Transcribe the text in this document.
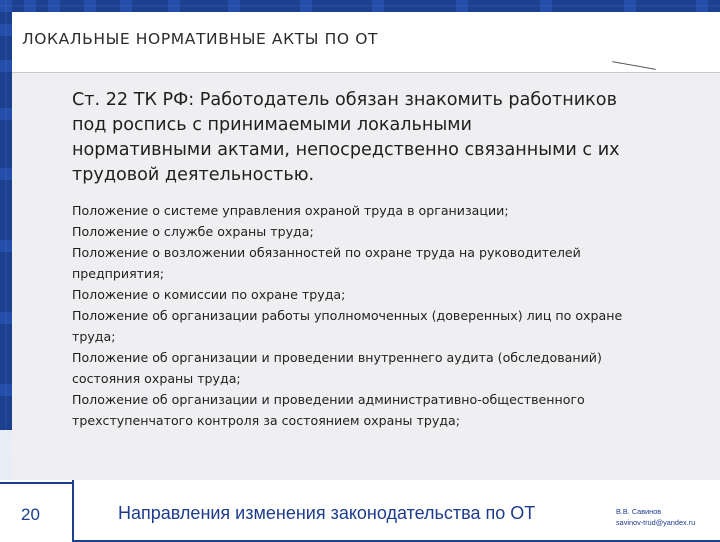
ЛОКАЛЬНЫЕ НОРМАТИВНЫЕ АКТЫ ПО ОТ

Ст. 22 ТК РФ: Работодатель обязан знакомить работников
под роспись с принимаемыми локальными
нормативными актами, непосредственно связанными с их
трудовой деятельностью.

Положение о системе управления охраной труда в организации;
Положение о службе охраны труда;
Положение о возложении обязанностей по охране труда на руководителей
предприятия;
Положение о комиссии по охране труда;
Положение об организации работы уполномоченных (доверенных) лиц по охране
труда;
Положение об организации и проведении внутреннего аудита (обследований)
состояния охраны труда;
Положение об организации и проведении административно-общественного
трехступенчатого контроля за состоянием охраны труда;
20	Направления изменения законодательства по ОТ	В.В. Савинов
savinov-trud@yandex.ru
